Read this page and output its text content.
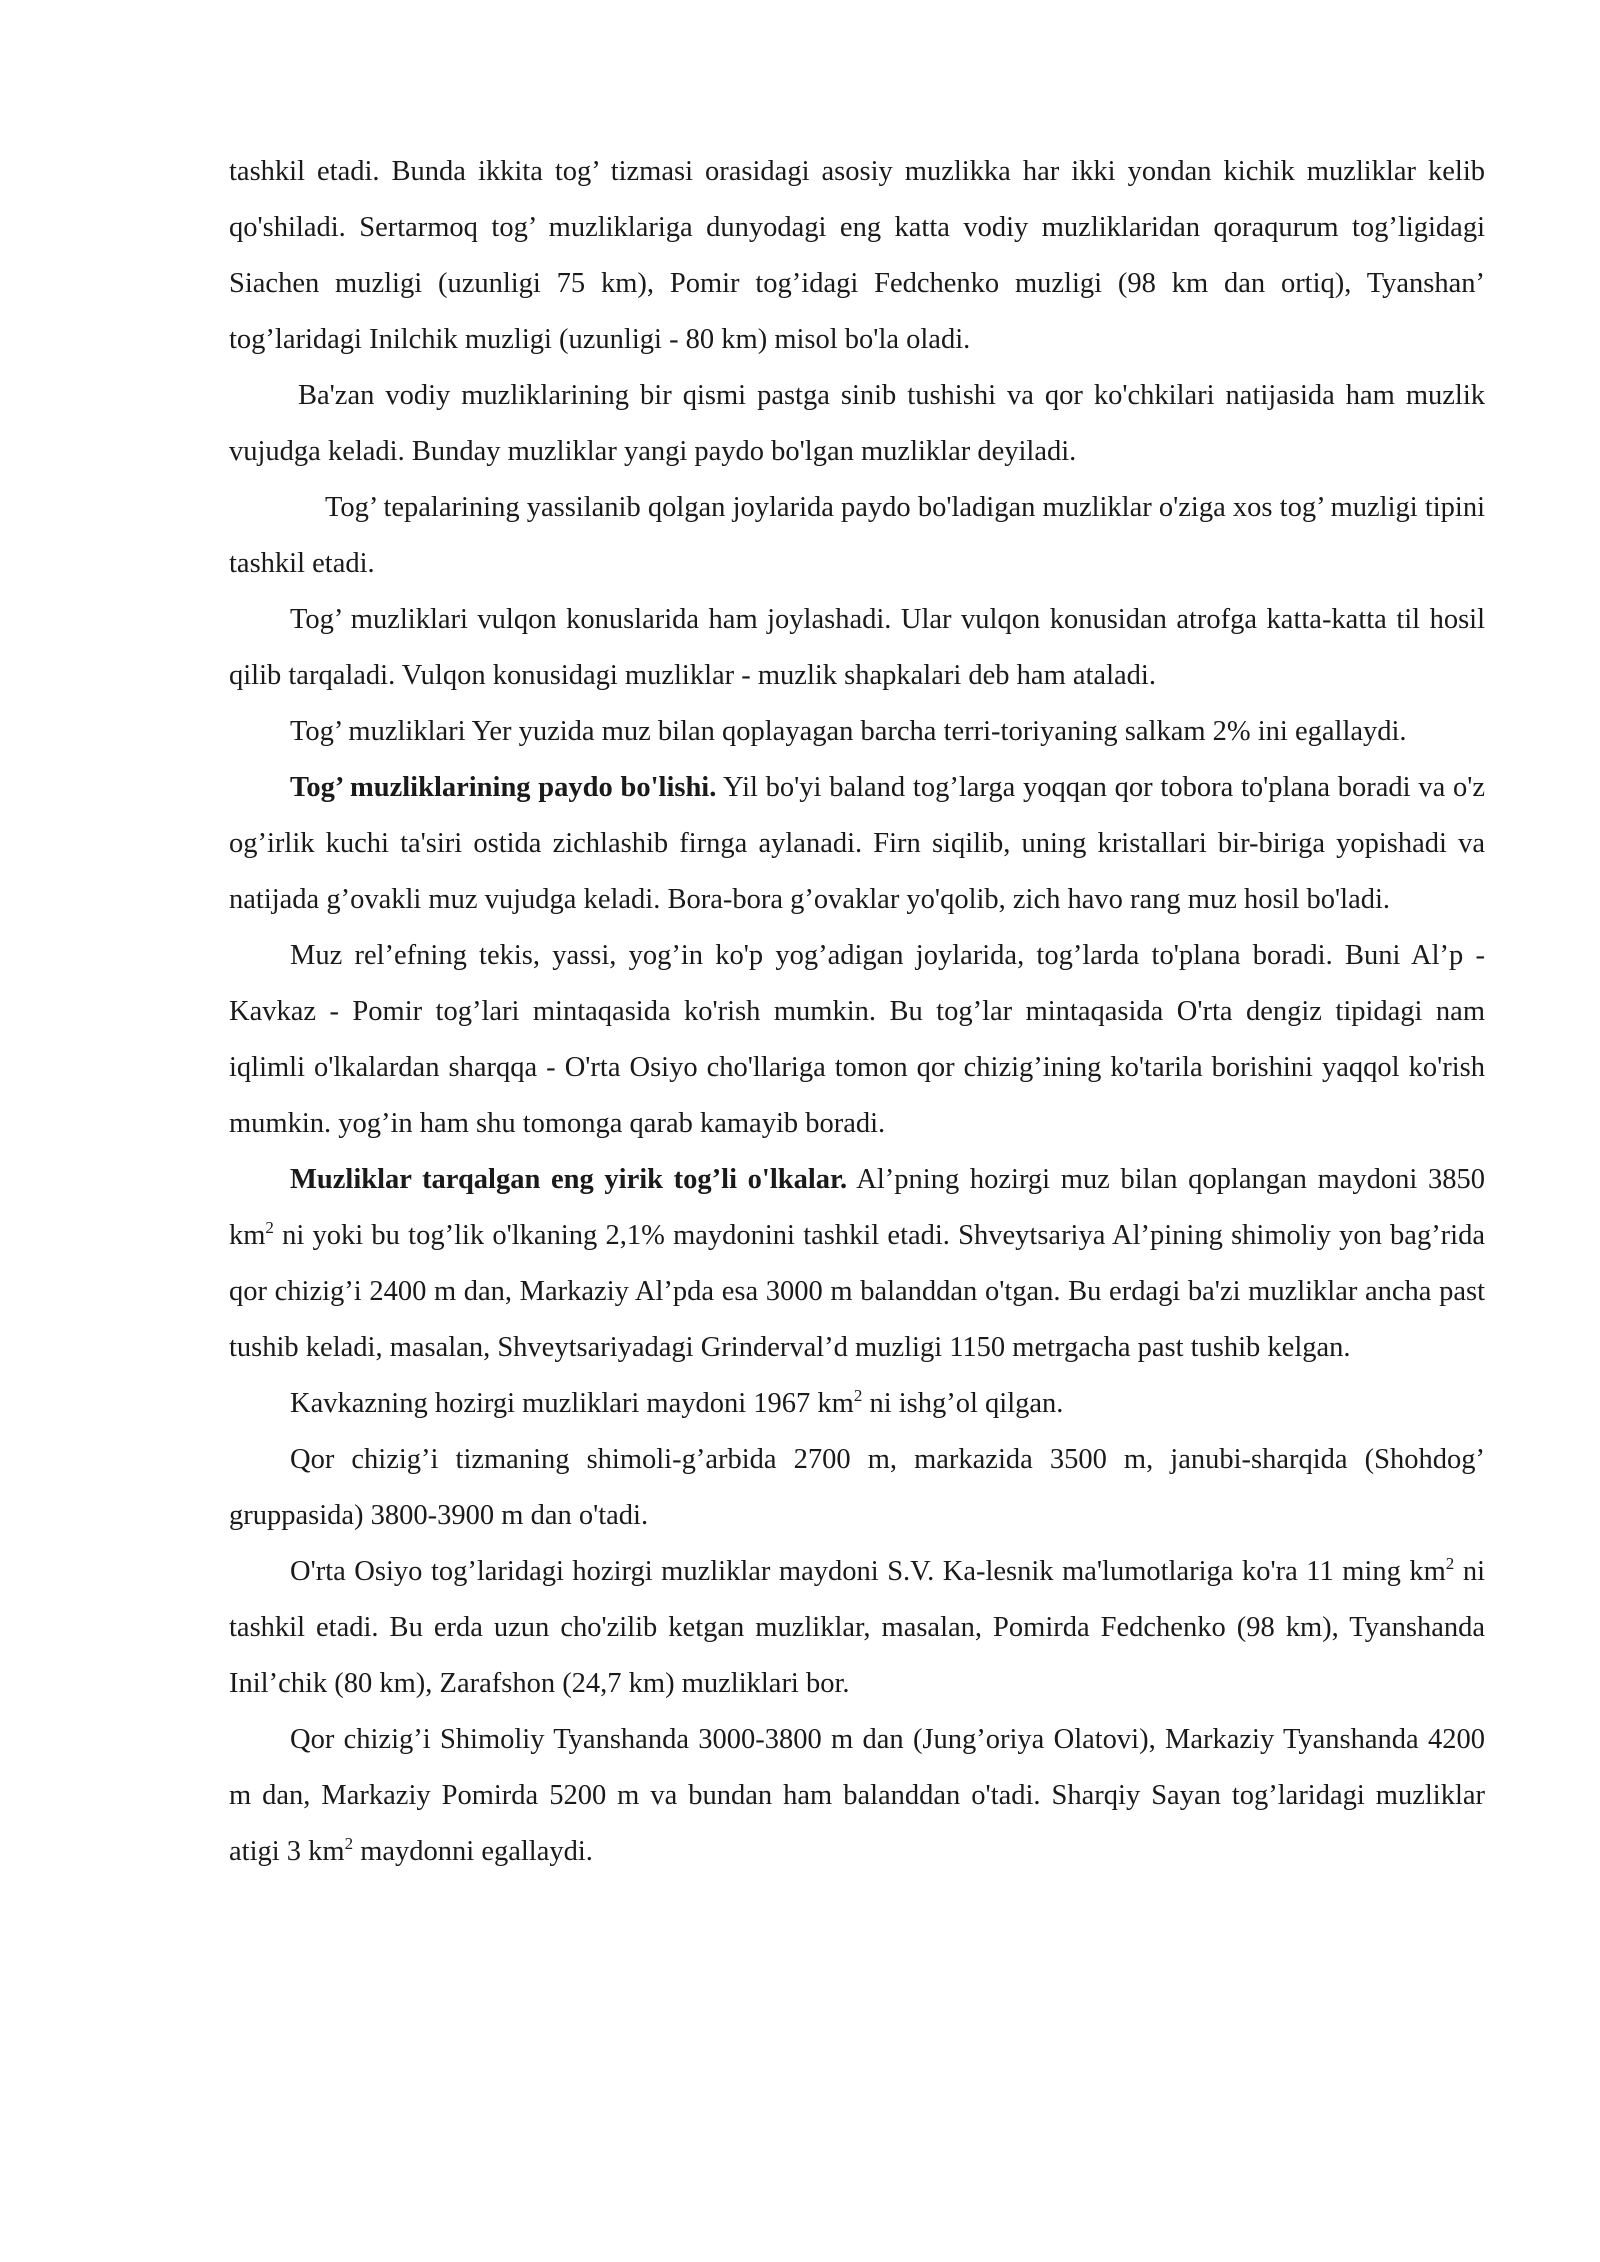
tashkil etadi. Bunda ikkita tog’ tizmasi orasidagi asosiy muzlikka har ikki yondan kichik muzliklar kelib qo'shiladi. Sertarmoq tog’ muzliklariga dunyodagi eng katta vodiy muzliklaridan qoraqurum tog’ligidagi Siachen muzligi (uzunligi 75 km), Pomir tog’idagi Fedchenko muzligi (98 km dan ortiq), Tyanshan’ tog’laridagi Inilchik muzligi (uzunligi - 80 km) misol bo'la oladi.

Ba'zan vodiy muzliklarining bir qismi pastga sinib tushishi va qor ko'chkilari natijasida ham muzlik vujudga keladi. Bunday muzliklar yangi paydo bo'lgan muzliklar deyiladi.

Tog’ tepalarining yassilanib qolgan joylarida paydo bo'ladigan muzliklar o'ziga xos tog’ muzligi tipini tashkil etadi.

Tog’ muzliklari vulqon konuslarida ham joylashadi. Ular vulqon konusidan atrofga katta-katta til hosil qilib tarqaladi. Vulqon konusidagi muzliklar - muzlik shapkalari deb ham ataladi.

Tog’ muzliklari Yer yuzida muz bilan qoplayagan barcha terri-toriyaning salkam 2% ini egallaydi.

Tog’ muzliklarining paydo bo'lishi. Yil bo'yi baland tog’larga yoqqan qor tobora to'plana boradi va o'z og’irlik kuchi ta'siri ostida zichlashib firnga aylanadi. Firn siqilib, uning kristallari bir-biriga yopishadi va natijada g’ovakli muz vujudga keladi. Bora-bora g’ovaklar yo'qolib, zich havo rang muz hosil bo'ladi.

Muz rel’efning tekis, yassi, yog’in ko'p yog’adigan joylarida, tog’larda to'plana boradi. Buni Al’p - Kavkaz - Pomir tog’lari mintaqasida ko'rish mumkin. Bu tog’lar mintaqasida O'rta dengiz tipidagi nam iqlimli o'lkalardan sharqqa - O'rta Osiyo cho'llariga tomon qor chizig’ining ko'tarila borishini yaqqol ko'rish mumkin. yog’in ham shu tomonga qarab kamayib boradi.

Muzliklar tarqalgan eng yirik tog’li o'lkalar. Al’pning hozirgi muz bilan qoplangan maydoni 3850 $km^2$ ni yoki bu tog’lik o'lkaning 2,1% maydonini tashkil etadi. Shveytsariya Al’pining shimoliy yon bag’rida qor chizig’i 2400 m dan, Markaziy Al’pda esa 3000 m balanddan o'tgan. Bu erdagi ba'zi muzliklar ancha past tushib keladi, masalan, Shveytsariyadagi Grinderval’d muzligi 1150 metrgacha past tushib kelgan.

Kavkazning hozirgi muzliklari maydoni 1967 $km^2$ ni ishg’ol qilgan.

Qor chizig’i tizmaning shimoli-g’arbida 2700 m, markazida 3500 m, janubi-sharqida (Shohdog’ gruppasida) 3800-3900 m dan o'tadi.

O'rta Osiyo tog’laridagi hozirgi muzliklar maydoni S.V. Ka-lesnik ma'lumotlariga ko'ra 11 ming $km^2$ ni tashkil etadi. Bu erda uzun cho'zilib ketgan muzliklar, masalan, Pomirda Fedchenko (98 km), Tyanshanda Inil’chik (80 km), Zarafshon (24,7 km) muzliklari bor.

Qor chizig’i Shimoliy Tyanshanda 3000-3800 m dan (Jung’oriya Olatovi), Markaziy Tyanshanda 4200 m dan, Markaziy Pomirda 5200 m va bundan ham balanddan o'tadi. Sharqiy Sayan tog’laridagi muzliklar atigi 3 $km^2$ maydonni egallaydi.
